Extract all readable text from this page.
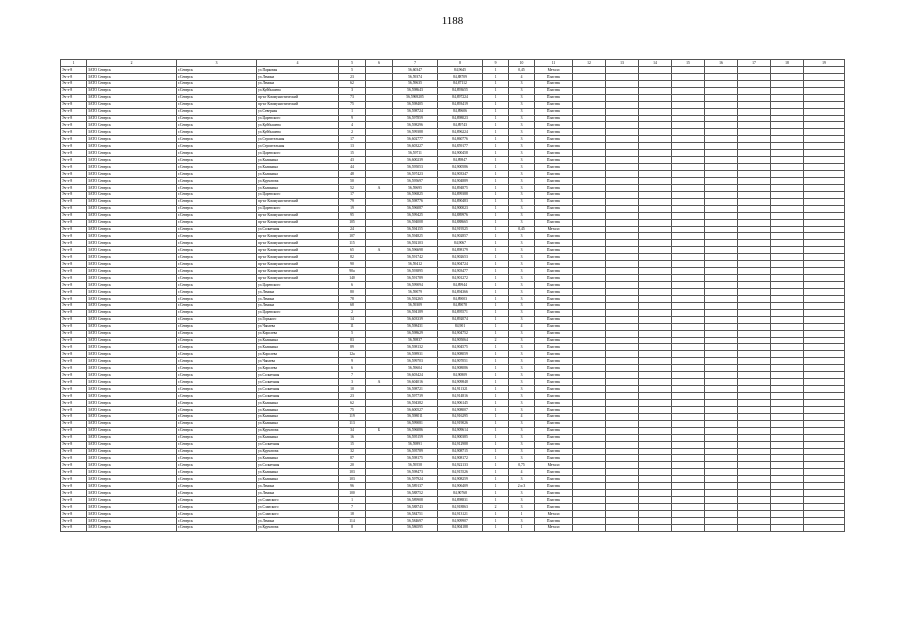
1188
1	2	3	4	5	6	7	8	9	10	11	12	13	14	15	16	17	18	19
Эч-э-8	ЗАТО Северск	г.Северск	ул.Парковая	5		56,60347	84,9645	1	0,45	Металл								
Эч-э-8	ЗАТО Северск	г.Северск	ул.Ленина	23		56,59374	84,88709	1	4	Пластик								
Эч-э-8	ЗАТО Северск	г.Северск	ул.Ленина	62		56,59635	84,87112	1	3	Пластик								
Эч-э-8	ЗАТО Северск	г.Северск	ул.Куйбышева	3		56,598643	84,893655	1	3	Пластик								
Эч-э-8	ЗАТО Северск	г.Северск	пр-кт Коммунистический	73		56,5969205	84,897224	1	3	Пластик								
Эч-э-8	ЗАТО Северск	г.Северск	пр-кт Коммунистический	75		56,598405	84,893419	1	3	Пластик								
Эч-э-8	ЗАТО Северск	г.Северск	ул.Северная	1		56,598724	84,89606	1	3	Пластик								
Эч-э-8	ЗАТО Северск	г.Северск	ул.Царевского	9		56,597859	84,898023	1	3	Пластик								
Эч-э-8	ЗАТО Северск	г.Северск	ул.Куйбышева	4		56,598296	84,89743	1	3	Пластик								
Эч-э-8	ЗАТО Северск	г.Северск	ул.Куйбышева	2		56,599388	84,896224	1	3	Пластик								
Эч-э-8	ЗАТО Северск	г.Северск	ул.Строительная	17		56,602777	84,860776	1	3	Пластик								
Эч-э-8	ЗАТО Северск	г.Северск	ул.Строительная	13		56,603227	84,859177	1	3	Пластик								
Эч-э-8	ЗАТО Северск	г.Северск	ул.Царевского	15		56,59711	84,900458	1	3	Пластик								
Эч-э-8	ЗАТО Северск	г.Северск	ул.Калинина	43		56,600239	84,89847	1	3	Пластик								
Эч-э-8	ЗАТО Северск	г.Северск	ул.Калинина	44		56,595053	84,900586	1	3	Пластик								
Эч-э-8	ЗАТО Северск	г.Северск	ул.Калинина	48		56,597423	84,903347	1	3	Пластик								
Эч-э-8	ЗАТО Северск	г.Северск	ул.Курчатова	50		56,595697	84,904889	1	3	Пластик								
Эч-э-8	ЗАТО Северск	г.Северск	ул.Калинина	52	А	56,59695	84,894875	1	3	Пластик								
Эч-э-8	ЗАТО Северск	г.Северск	ул.Царевского	17		56,596825	84,899388	1	3	Пластик								
Эч-э-8	ЗАТО Северск	г.Северск	пр-кт Коммунистический	79		56,598776	84,890483	1	3	Пластик								
Эч-э-8	ЗАТО Северск	г.Северск	ул.Царевского	19		56,596087	84,900023	1	3	Пластик								
Эч-э-8	ЗАТО Северск	г.Северск	пр-кт Коммунистический	95		56,599425	84,889976	1	3	Пластик								
Эч-э-8	ЗАТО Северск	г.Северск	пр-кт Коммунистический	105		56,594008	84,888665	1	3	Пластик								
Эч-э-8	ЗАТО Северск	г.Северск	ул.Солнечная	24		56,594155	84,919525	1	0,45	Металл								
Эч-э-8	ЗАТО Северск	г.Северск	пр-кт Коммунистический	107		56,594825	84,902857	1	3	Пластик								
Эч-э-8	ЗАТО Северск	г.Северск	пр-кт Коммунистический	115		56,592103	84,9067	1	3	Пластик								
Эч-э-8	ЗАТО Северск	г.Северск	пр-кт Коммунистический	65	А	56,596698	84,898179	1	3	Пластик								
Эч-э-8	ЗАТО Северск	г.Северск	пр-кт Коммунистический	82		56,591742	84,902653	1	3	Пластик								
Эч-э-8	ЗАТО Северск	г.Северск	пр-кт Коммунистический	90		56,59412	84,904724	1	3	Пластик								
Эч-э-8	ЗАТО Северск	г.Северск	пр-кт Коммунистический	90а		56,593895	84,903477	1	3	Пластик								
Эч-э-8	ЗАТО Северск	г.Северск	пр-кт Коммунистический	140		56,591789	84,901272	1	3	Пластик								
Эч-э-8	ЗАТО Северск	г.Северск	ул.Царевского	6		56,599094	84,89944	1	3	Пластик								
Эч-э-8	ЗАТО Северск	г.Северск	ул.Ленина	80		56,59079	84,894366	1	3	Пластик								
Эч-э-8	ЗАТО Северск	г.Северск	ул.Ленина	78		56,592265	84,89003	1	3	Пластик								
Эч-э-8	ЗАТО Северск	г.Северск	ул.Ленина	68		56,59309	84,89078	1	3	Пластик								
Эч-э-8	ЗАТО Северск	г.Северск	ул.Царевского	2		56,594189	84,895571	1	3	Пластик								
Эч-э-8	ЗАТО Северск	г.Северск	ул.Горького	14		56,603339	84,892074	1	3	Пластик								
Эч-э-8	ЗАТО Северск	г.Северск	ул.Чапаева	11		56,598431	84,901	1	4	Пластик								
Эч-э-8	ЗАТО Северск	г.Северск	ул.Королева	5		56,598629	84,904752	1	3	Пластик								
Эч-э-8	ЗАТО Северск	г.Северск	ул.Калинина	83		56,59837	84,905064	2	3	Пластик								
Эч-э-8	ЗАТО Северск	г.Северск	ул.Калинина	89		56,598132	84,904575	1	3	Пластик								
Эч-э-8	ЗАТО Северск	г.Северск	ул.Королева	12а		56,598931	84,908059	1	3	Пластик								
Эч-э-8	ЗАТО Северск	г.Северск	ул.Чапаева	9		56,599703	84,907051	1	3	Пластик								
Эч-э-8	ЗАТО Северск	г.Северск	ул.Королева	6		56,59604	84,908086	1	3	Пластик								
Эч-э-8	ЗАТО Северск	г.Северск	ул.Солнечная	7		56,603424	84,90809	1	3	Пластик								
Эч-э-8	ЗАТО Северск	г.Северск	ул.Солнечная	3	А	56,604016	84,909848	1	3	Пластик								
Эч-э-8	ЗАТО Северск	г.Северск	ул.Солнечная	10		56,598721	84,911321	1	3	Пластик								
Эч-э-8	ЗАТО Северск	г.Северск	ул.Солнечная	23		56,597739	84,914816	1	3	Пластик								
Эч-э-8	ЗАТО Северск	г.Северск	ул.Калинина	62		56,594382	84,906145	1	3	Пластик								
Эч-э-8	ЗАТО Северск	г.Северск	ул.Калинина	75		56,600527	84,908007	1	3	Пластик								
Эч-э-8	ЗАТО Северск	г.Северск	ул.Калинина	119		56,598011	84,916295	1	4	Пластик								
Эч-э-8	ЗАТО Северск	г.Северск	ул.Калинина	113		56,599081	84,919026	1	3	Пластик								
Эч-э-8	ЗАТО Северск	г.Северск	ул.Курчатова	34	Б	56,596086	84,909614	1	3	Пластик								
Эч-э-8	ЗАТО Северск	г.Северск	ул.Калинина	16		56,595159	84,900385	1	3	Пластик								
Эч-э-8	ЗАТО Северск	г.Северск	ул.Солнечная	15		56,59891	84,912988	1	3	Пластик								
Эч-э-8	ЗАТО Северск	г.Северск	ул.Курчатова	32		56,595789	84,908715	1	3	Пластик								
Эч-э-8	ЗАТО Северск	г.Северск	ул.Калинина	87		56,598175	84,908172	1	3	Пластик								
Эч-э-8	ЗАТО Северск	г.Северск	ул.Солнечная	20		56,59558	84,922133	1	0,75	Металл								
Эч-э-8	ЗАТО Северск	г.Северск	ул.Калинина	103		56,598473	84,915526	1	4	Пластик								
Эч-э-8	ЗАТО Северск	г.Северск	ул.Калинина	103		56,597924	84,908259	1	3	Пластик								
Эч-э-8	ЗАТО Северск	г.Северск	ул.Ленина	96		56,589137	84,906409	1	2 и 3	Пластик								
Эч-э-8	ЗАТО Северск	г.Северск	ул.Ленина	100		56,588752	84,90768	1	3	Пластик								
Эч-э-8	ЗАТО Северск	г.Северск	ул.Славского	1		56,589908	84,898831	1	3	Пластик								
Эч-э-8	ЗАТО Северск	г.Северск	ул.Славского	7		56,588743	84,918863	2	3	Пластик								
Эч-э-8	ЗАТО Северск	г.Северск	ул.Славского	18		56,584751	84,913121	1	1	Металл								
Эч-э-8	ЗАТО Северск	г.Северск	ул.Ленина	114		56,584697	84,909907	1	3	Пластик								
Эч-э-8	ЗАТО Северск	г.Северск	ул.Курчатова	8		56,586595	84,904188	1	1	Металл								
